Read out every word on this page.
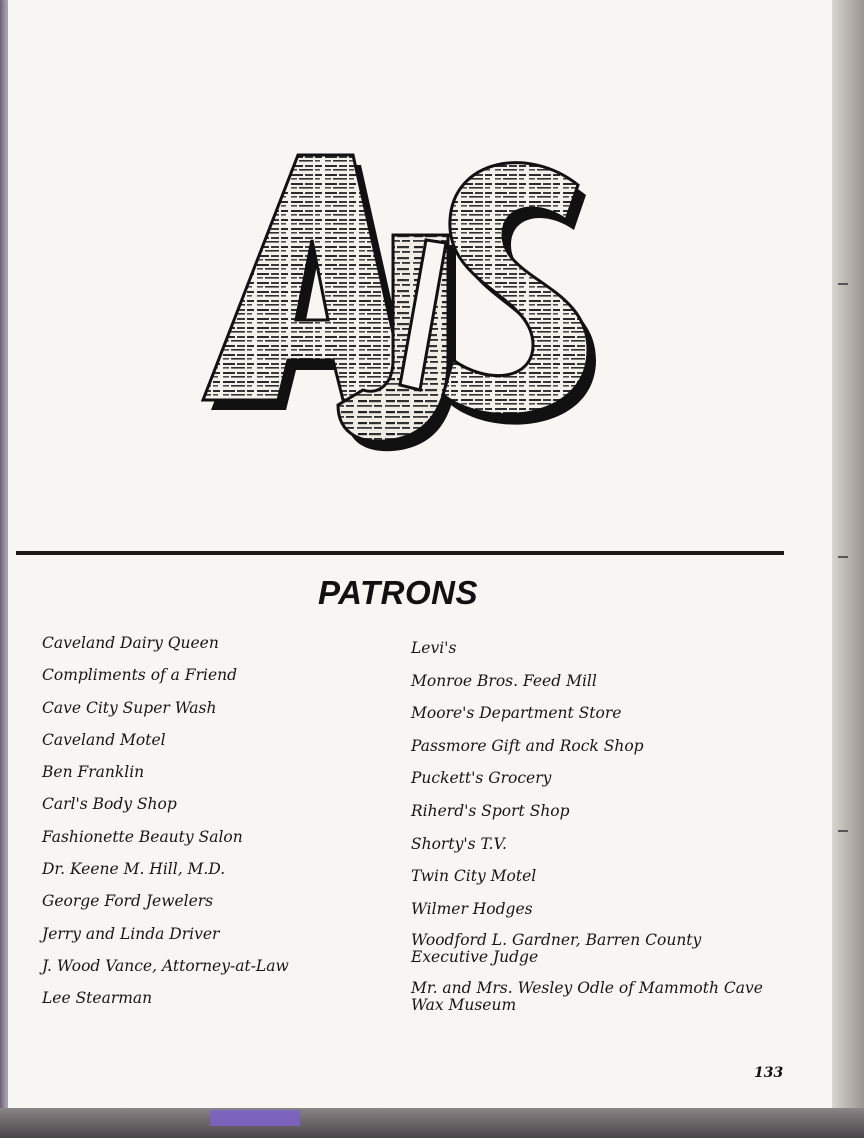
PATRONS
Caveland Dairy Queen
Compliments of a Friend
Cave City Super Wash
Caveland Motel
Ben Franklin
Carl's Body Shop
Fashionette Beauty Salon
Dr. Keene M. Hill, M.D.
George Ford Jewelers
Jerry and Linda Driver
J. Wood Vance, Attorney-at-Law
Lee Stearman
Levi's
Monroe Bros. Feed Mill
Moore's Department Store
Passmore Gift and Rock Shop
Puckett's Grocery
Riherd's Sport Shop
Shorty's T.V.
Twin City Motel
Wilmer Hodges
Woodford L. Gardner, Barren County Executive Judge
Mr. and Mrs. Wesley Odle of Mammoth Cave Wax Museum
133
